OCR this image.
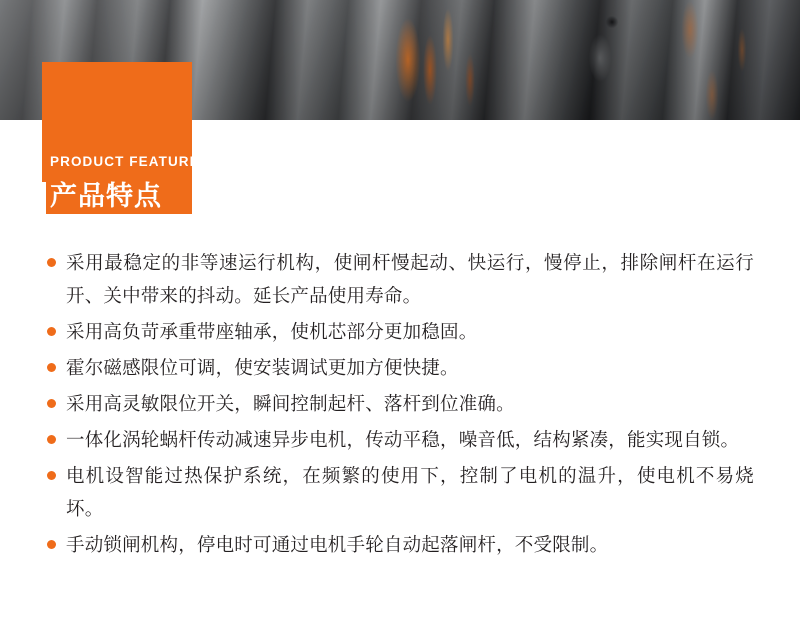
PRODUCT FEATURES
产品特点
采用最稳定的非等速运行机构，使闸杆慢起动、快运行，慢停止，排除闸杆在运行开、关中带来的抖动。延长产品使用寿命。
采用高负苛承重带座轴承，使机芯部分更加稳固。
霍尔磁感限位可调，使安装调试更加方便快捷。
采用高灵敏限位开关，瞬间控制起杆、落杆到位准确。
一体化涡轮蜗杆传动减速异步电机，传动平稳，噪音低，结构紧凑，能实现自锁。
电机设智能过热保护系统，在频繁的使用下，控制了电机的温升，使电机不易烧坏。
手动锁闸机构，停电时可通过电机手轮自动起落闸杆，不受限制。
